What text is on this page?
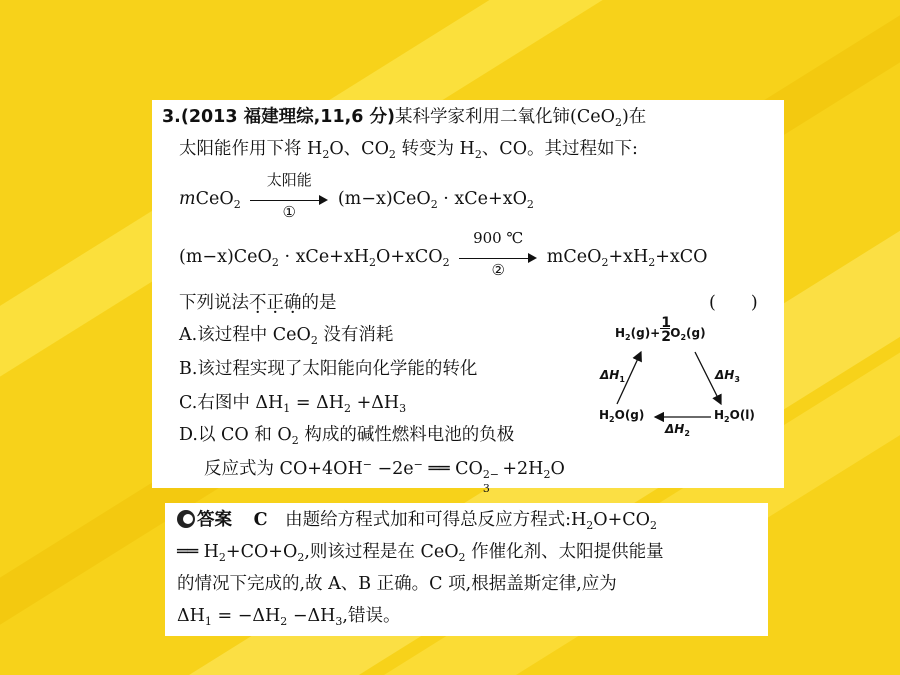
3.(2013 福建理综,11,6 分)某科学家利用二氧化铈(CeO$_2$)在
太阳能作用下将 $H_2O$、$CO_2$ 转变为 $H_2$、CO。其过程如下:
mCeO$_2$
太阳能
①
$(m-x)CeO_2 \cdot xCe+xO_2$
$(m-x)CeO_2 \cdot xCe+xH_2O+xCO_2$
900 ℃
②
$mCeO_2+xH_2+xCO$
下列说法不正确的是	(　　)
A.该过程中 CeO$_2$ 没有消耗
B.该过程实现了太阳能向化学能的转化
C.右图中 $\Delta H_1 = \Delta H_2 +\Delta H_3$
D.以 CO 和 $O_2$ 构成的碱性燃料电池的负极
反应式为 CO+4OH− −2e− ══ CO 2−
3
$+2H_2O$
$H_2(g)+ \frac{1}{2} O_2(g)$
$H_2O(g)$	$H_2O(l)$
$\Delta H_1$	$\Delta H_3$
$\Delta H_2$
答案 C 由题给方程式加和可得总反应方程式$:H_2O+CO_2$
══ $H_2+CO+O_2$,则该过程是在 CeO$_2$ 作催化剂、太阳提供能量
的情况下完成的,故 A、B 正确。C 项,根据盖斯定律,应为
$\Delta H_1 = -\Delta H_2 -\Delta H_3$,错误。
